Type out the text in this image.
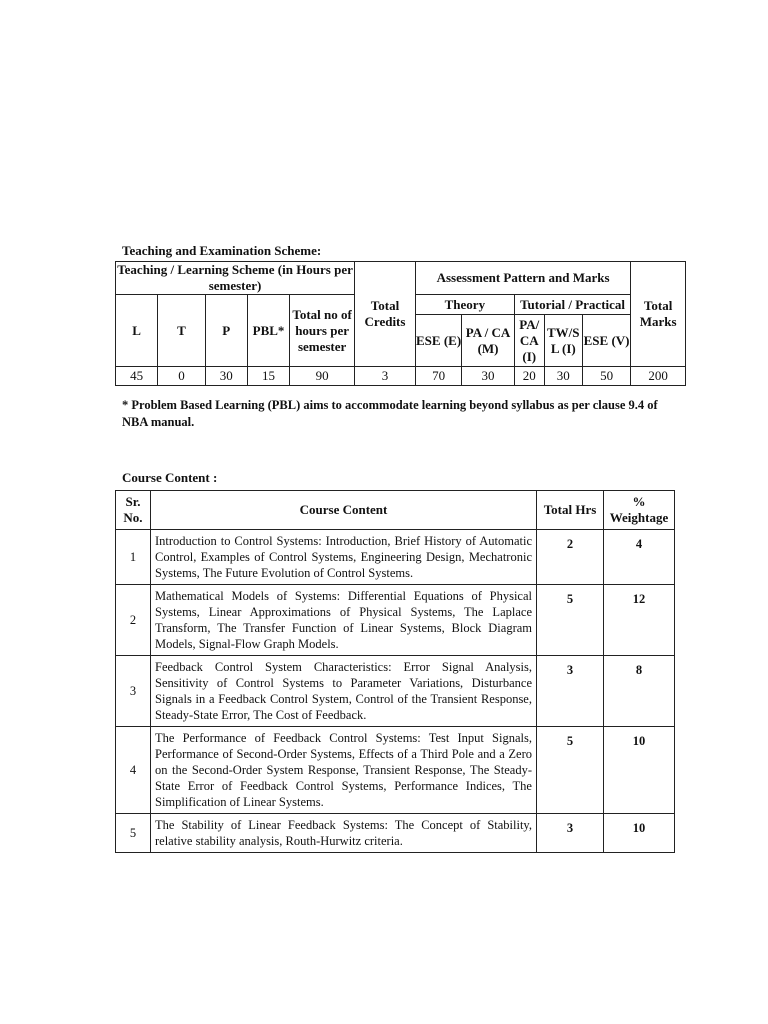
Teaching and Examination Scheme:
Teaching / Learning Scheme (in Hours per semester)					Total Credits	Assessment Pattern and Marks					Total Marks
L	T	P	PBL*	Total no of hours per semester		Theory		Tutorial / Practical			
						ESE (E)	PA / CA (M)	PA/ CA (I)	TW/S L (I)	ESE (V)	
45	0	30	15	90	3	70	30	20	30	50	200
* Problem Based Learning (PBL) aims to accommodate learning beyond syllabus as per clause 9.4 of NBA manual.
Course Content :
Sr. No.	Course Content	Total Hrs	% Weightage
1	Introduction to Control Systems: Introduction, Brief History of Automatic Control, Examples of Control Systems, Engineering Design, Mechatronic Systems, The Future Evolution of Control Systems.	2	4
2	Mathematical Models of Systems: Differential Equations of Physical Systems, Linear Approximations of Physical Systems, The Laplace Transform, The Transfer Function of Linear Systems, Block Diagram Models, Signal-Flow Graph Models.	5	12
3	Feedback Control System Characteristics: Error Signal Analysis, Sensitivity of Control Systems to Parameter Variations, Disturbance Signals in a Feedback Control System, Control of the Transient Response, Steady-State Error, The Cost of Feedback.	3	8
4	The Performance of Feedback Control Systems: Test Input Signals, Performance of Second-Order Systems, Effects of a Third Pole and a Zero on the Second-Order System Response, Transient Response, The Steady- State Error of Feedback Control Systems, Performance Indices, The Simplification of Linear Systems.	5	10
5	The Stability of Linear Feedback Systems: The Concept of Stability, relative stability analysis, Routh-Hurwitz criteria.	3	10
